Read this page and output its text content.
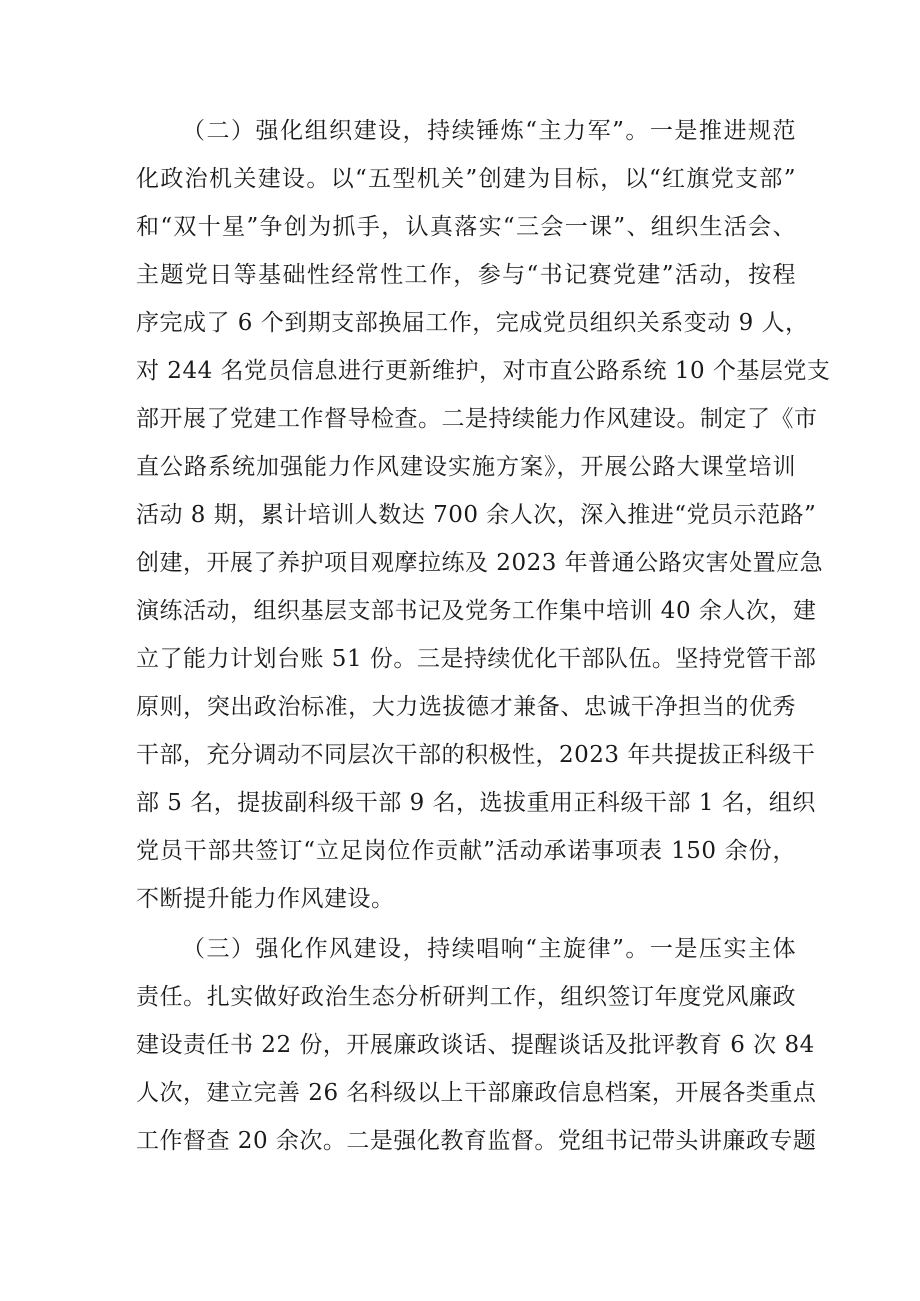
（二）强化组织建设，持续锤炼“主力军”。一是推进规范
化政治机关建设。以“五型机关”创建为目标，以“红旗党支部”
和“双十星”争创为抓手，认真落实“三会一课”、组织生活会、
主题党日等基础性经常性工作，参与“书记赛党建”活动，按程
序完成了 6 个到期支部换届工作，完成党员组织关系变动 9 人，
对 244 名党员信息进行更新维护，对市直公路系统 10 个基层党支
部开展了党建工作督导检查。二是持续能力作风建设。制定了《市
直公路系统加强能力作风建设实施方案》，开展公路大课堂培训
活动 8 期，累计培训人数达 700 余人次，深入推进“党员示范路”
创建，开展了养护项目观摩拉练及 2023 年普通公路灾害处置应急
演练活动，组织基层支部书记及党务工作集中培训 40 余人次，建
立了能力计划台账 51 份。三是持续优化干部队伍。坚持党管干部
原则，突出政治标准，大力选拔德才兼备、忠诚干净担当的优秀
干部，充分调动不同层次干部的积极性，2023 年共提拔正科级干
部 5 名，提拔副科级干部 9 名，选拔重用正科级干部 1 名，组织
党员干部共签订“立足岗位作贡献”活动承诺事项表 150 余份，
不断提升能力作风建设。
（三）强化作风建设，持续唱响“主旋律”。一是压实主体
责任。扎实做好政治生态分析研判工作，组织签订年度党风廉政
建设责任书 22 份，开展廉政谈话、提醒谈话及批评教育 6 次 84
人次，建立完善 26 名科级以上干部廉政信息档案，开展各类重点
工作督查 20 余次。二是强化教育监督。党组书记带头讲廉政专题
